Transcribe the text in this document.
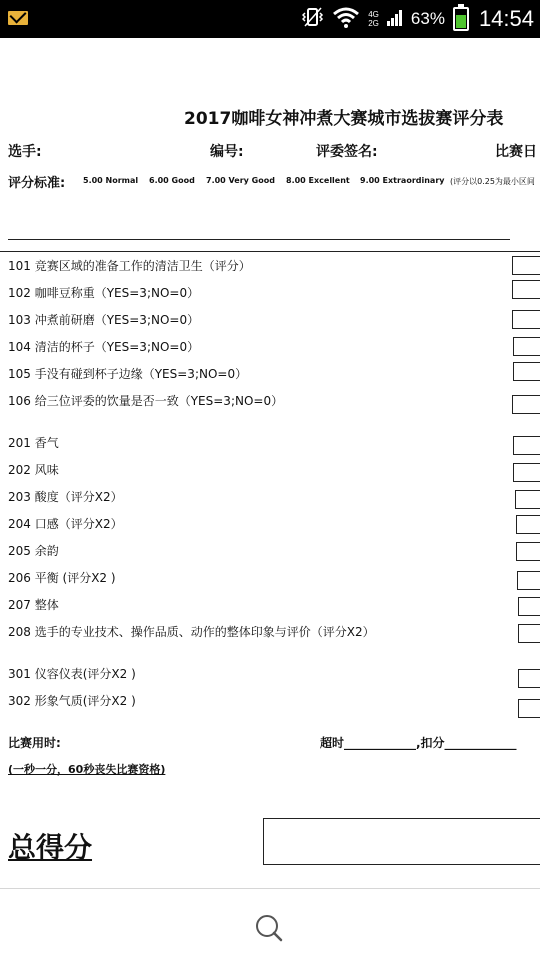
4G
2G 63% 14:54
2017咖啡女神冲煮大赛城市选拔赛评分表
选手:	编号:	评委签名:	比赛日
评分标准: 5.00 Normal 6.00 Good 7.00 Very Good 8.00 Excellent 9.00 Extraordinary (评分以0.25为最小区间
101 竞赛区域的准备工作的清洁卫生（评分）
102 咖啡豆称重（YES=3;NO=0）
103 冲煮前研磨（YES=3;NO=0）
104 清洁的杯子（YES=3;NO=0）
105 手没有碰到杯子边缘（YES=3;NO=0）
106 给三位评委的饮量是否一致（YES=3;NO=0）
201 香气
202 风味
203 酸度（评分X2）
204 口感（评分X2）
205 余韵
206 平衡 (评分X2 )
207 整体
208 选手的专业技术、操作品质、动作的整体印象与评价（评分X2）
301 仪容仪表(评分X2 )
302 形象气质(评分X2 )
比赛用时:	超时____________,扣分____________
(一秒一分，60秒丧失比赛资格)
总得分
